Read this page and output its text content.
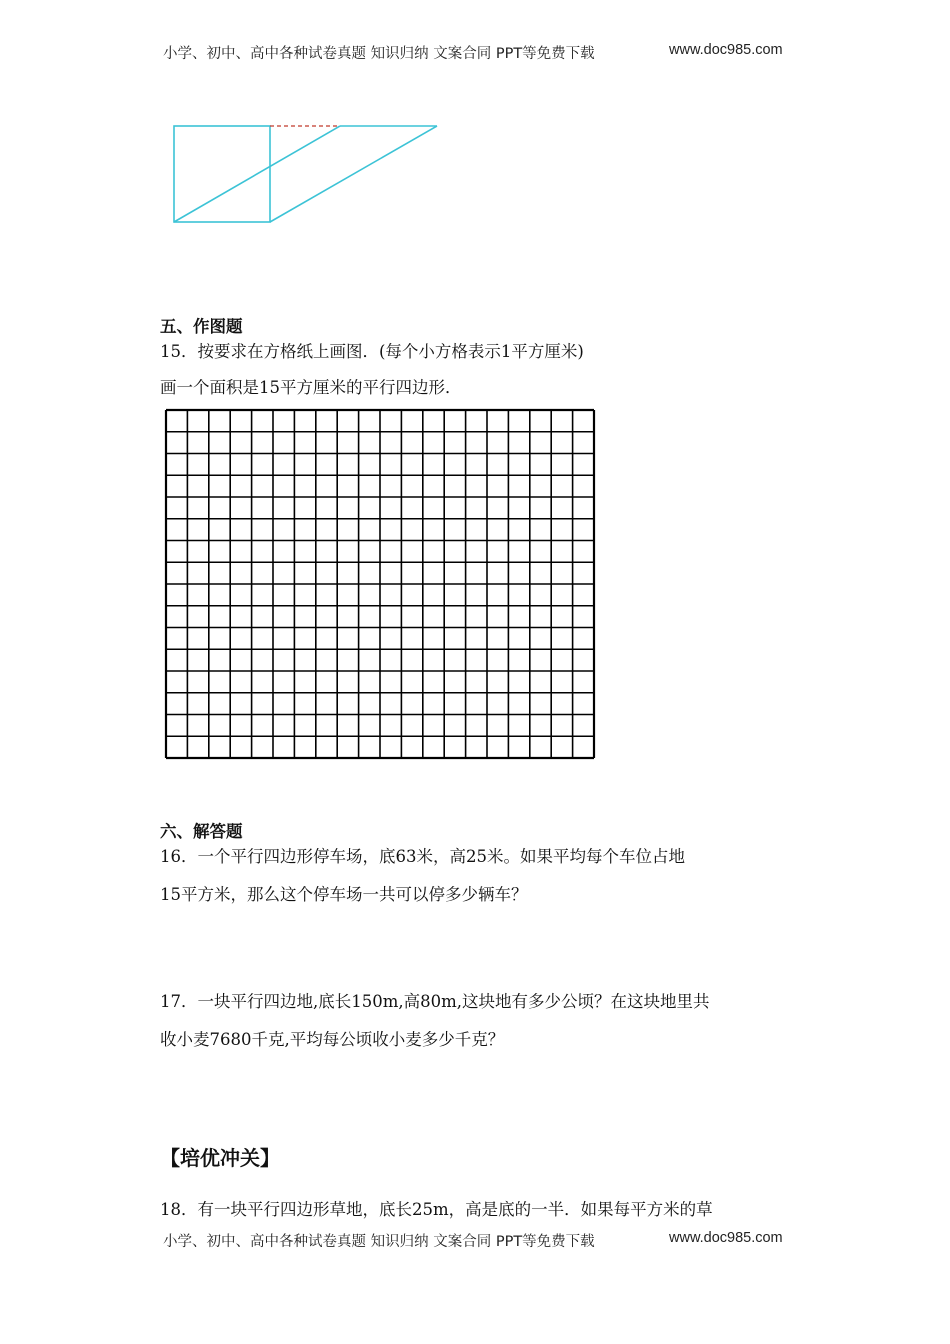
小学、初中、高中各种试卷真题 知识归纳 文案合同 PPT等免费下载	www.doc985.com
五、作图题
15．按要求在方格纸上画图．(每个小方格表示1平方厘米)
画一个面积是15平方厘米的平行四边形．
六、解答题
16．一个平行四边形停车场，底63米，高25米。如果平均每个车位占地
15平方米，那么这个停车场一共可以停多少辆车？
17．一块平行四边地,底长150m,高80m,这块地有多少公顷？在这块地里共
收小麦7680千克,平均每公顷收小麦多少千克？
【培优冲关】
18．有一块平行四边形草地，底长25m，高是底的一半．如果每平方米的草
小学、初中、高中各种试卷真题 知识归纳 文案合同 PPT等免费下载	www.doc985.com
